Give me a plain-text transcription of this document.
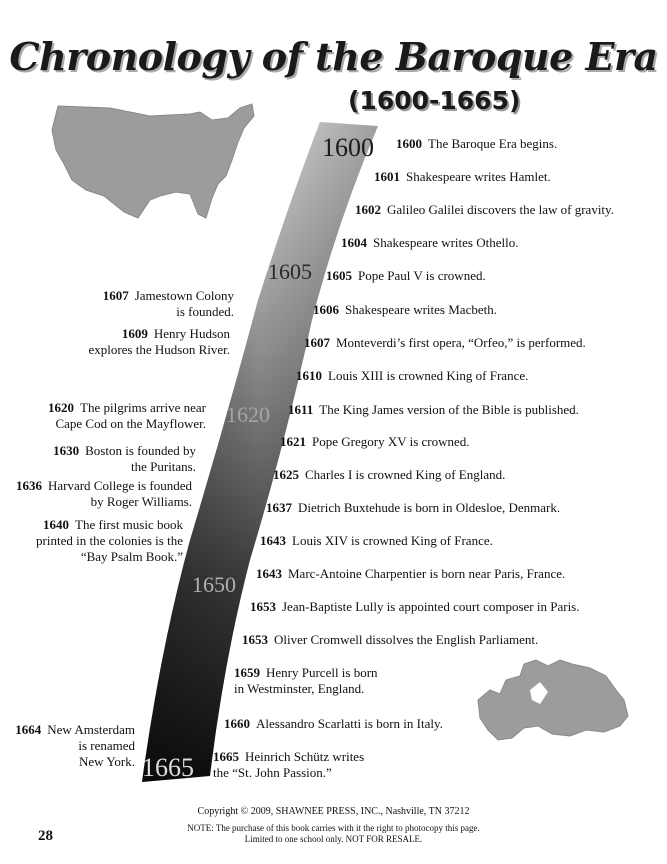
1600
1605
1620
1650
1665
Chronology of the Baroque Era
(1600-1665)
1600 The Baroque Era begins.
1601 Shakespeare writes Hamlet.
1602 Galileo Galilei discovers the law of gravity.
1604 Shakespeare writes Othello.
1605 Pope Paul V is crowned.
1606 Shakespeare writes Macbeth.
1607 Monteverdi’s first opera, “Orfeo,” is performed.
1610 Louis XIII is crowned King of France.
1611 The King James version of the Bible is published.
1621 Pope Gregory XV is crowned.
1625 Charles I is crowned King of England.
1637 Dietrich Buxtehude is born in Oldesloe, Denmark.
1643 Louis XIV is crowned King of France.
1643 Marc-Antoine Charpentier is born near Paris, France.
1653 Jean-Baptiste Lully is appointed court composer in Paris.
1653 Oliver Cromwell dissolves the English Parliament.
1659 Henry Purcell is born
in Westminster, England.
1660 Alessandro Scarlatti is born in Italy.
1665 Heinrich Schütz writes
the “St. John Passion.”
1607 Jamestown Colony
is founded.
1609 Henry Hudson
explores the Hudson River.
1620 The pilgrims arrive near
Cape Cod on the Mayflower.
1630 Boston is founded by
the Puritans.
1636 Harvard College is founded
by Roger Williams.
1640 The first music book
printed in the colonies is the
“Bay Psalm Book.”
1664 New Amsterdam
is renamed
New York.
Copyright © 2009, SHAWNEE PRESS, INC., Nashville, TN 37212
NOTE: The purchase of this book carries with it the right to photocopy this page.
Limited to one school only. NOT FOR RESALE.
28
